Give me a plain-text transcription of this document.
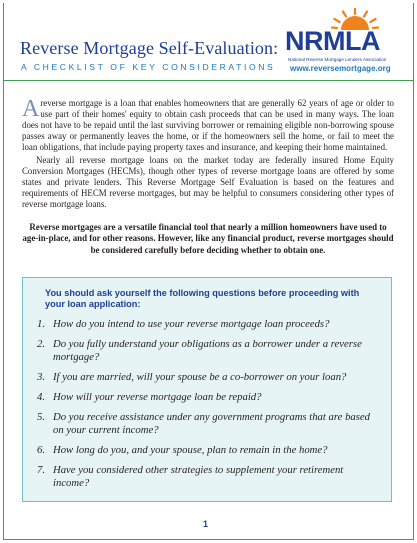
Reverse Mortgage Self-Evaluation:
A CHECKLIST OF KEY CONSIDERATIONS
NRMLA
National Reverse Mortgage Lenders Association
www.reversemortgage.org
Areverse mortgage is a loan that enables homeowners that are generally 62 years of age or older to use part of their homes' equity to obtain cash proceeds that can be used in many ways. The loan does not have to be repaid until the last surviving borrower or remaining eligible non-borrowing spouse passes away or permanently leaves the home, or if the homeowners sell the home, or fail to meet the loan obligations, that include paying property taxes and insurance, and keeping their home maintained.
Nearly all reverse mortgage loans on the market today are federally insured Home Equity Conversion Mortgages (HECMs), though other types of reverse mortgage loans are offered by some states and private lenders. This Reverse Mortgage Self Evaluation is based on the features and requirements of HECM reverse mortgages, but may be helpful to consumers considering other types of reverse mortgage loans.
Reverse mortgages are a versatile financial tool that nearly a million homeowners have used to age-in-place, and for other reasons. However, like any financial product, reverse mortgages should be considered carefully before deciding whether to obtain one.
You should ask yourself the following questions before proceeding with your loan application:
1. How do you intend to use your reverse mortgage loan proceeds?
2. Do you fully understand your obligations as a borrower under a reverse mortgage?
3. If you are married, will your spouse be a co-borrower on your loan?
4. How will your reverse mortgage loan be repaid?
5. Do you receive assistance under any government programs that are based on your current income?
6. How long do you, and your spouse, plan to remain in the home?
7. Have you considered other strategies to supplement your retirement income?
1
